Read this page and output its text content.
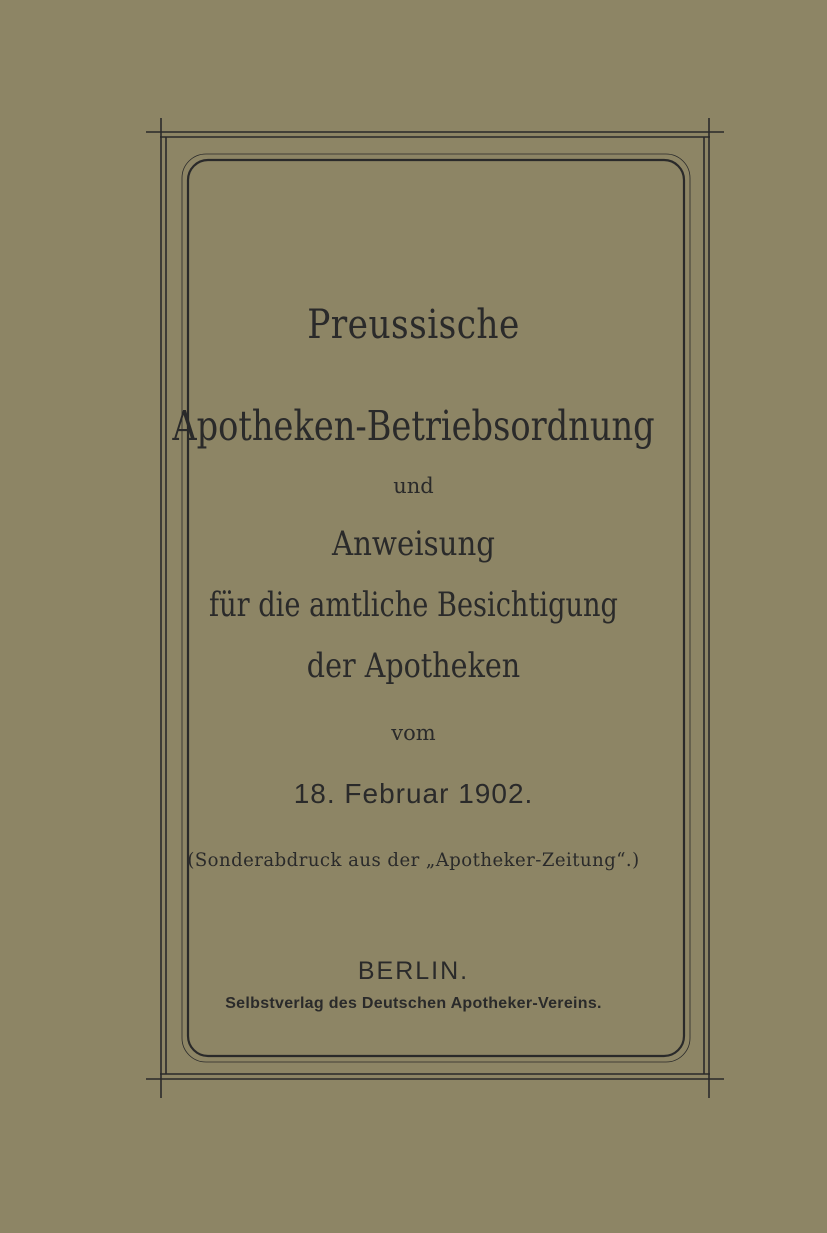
Preussische
Apotheken-Betriebsordnung
und
Anweisung
für die amtliche Besichtigung
der Apotheken
vom
18. Februar 1902.
(Sonderabdruck aus der „Apotheker-Zeitung“.)
BERLIN.
Selbstverlag des Deutschen Apotheker-Vereins.
